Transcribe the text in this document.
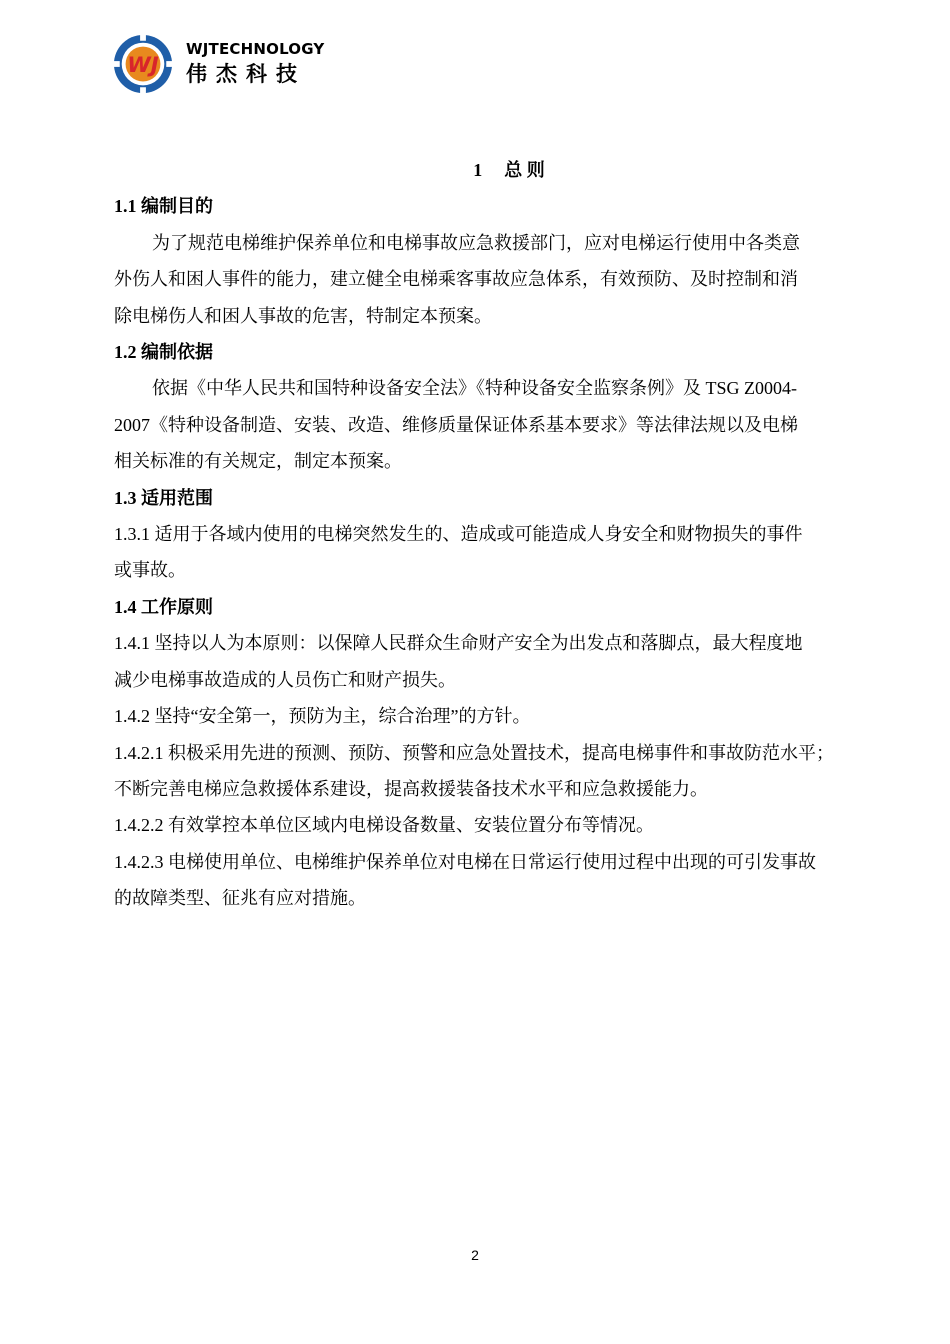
WJ
WJTECHNOLOGY
伟杰科技
1 总 则
1.1 编制目的
为了规范电梯维护保养单位和电梯事故应急救援部门，应对电梯运行使用中各类意
外伤人和困人事件的能力，建立健全电梯乘客事故应急体系，有效预防、及时控制和消
除电梯伤人和困人事故的危害，特制定本预案。
1.2 编制依据
依据《中华人民共和国特种设备安全法》《特种设备安全监察条例》及 TSG Z0004-
2007《特种设备制造、安装、改造、维修质量保证体系基本要求》等法律法规以及电梯
相关标准的有关规定，制定本预案。
1.3 适用范围
1.3.1 适用于各域内使用的电梯突然发生的、造成或可能造成人身安全和财物损失的事件
或事故。
1.4 工作原则
1.4.1 坚持以人为本原则：以保障人民群众生命财产安全为出发点和落脚点，最大程度地
减少电梯事故造成的人员伤亡和财产损失。
1.4.2 坚持“安全第一，预防为主，综合治理”的方针。
1.4.2.1 积极采用先进的预测、预防、预警和应急处置技术，提高电梯事件和事故防范水平；
不断完善电梯应急救援体系建设，提高救援装备技术水平和应急救援能力。
1.4.2.2 有效掌控本单位区域内电梯设备数量、安装位置分布等情况。
1.4.2.3 电梯使用单位、电梯维护保养单位对电梯在日常运行使用过程中出现的可引发事故
的故障类型、征兆有应对措施。
2
